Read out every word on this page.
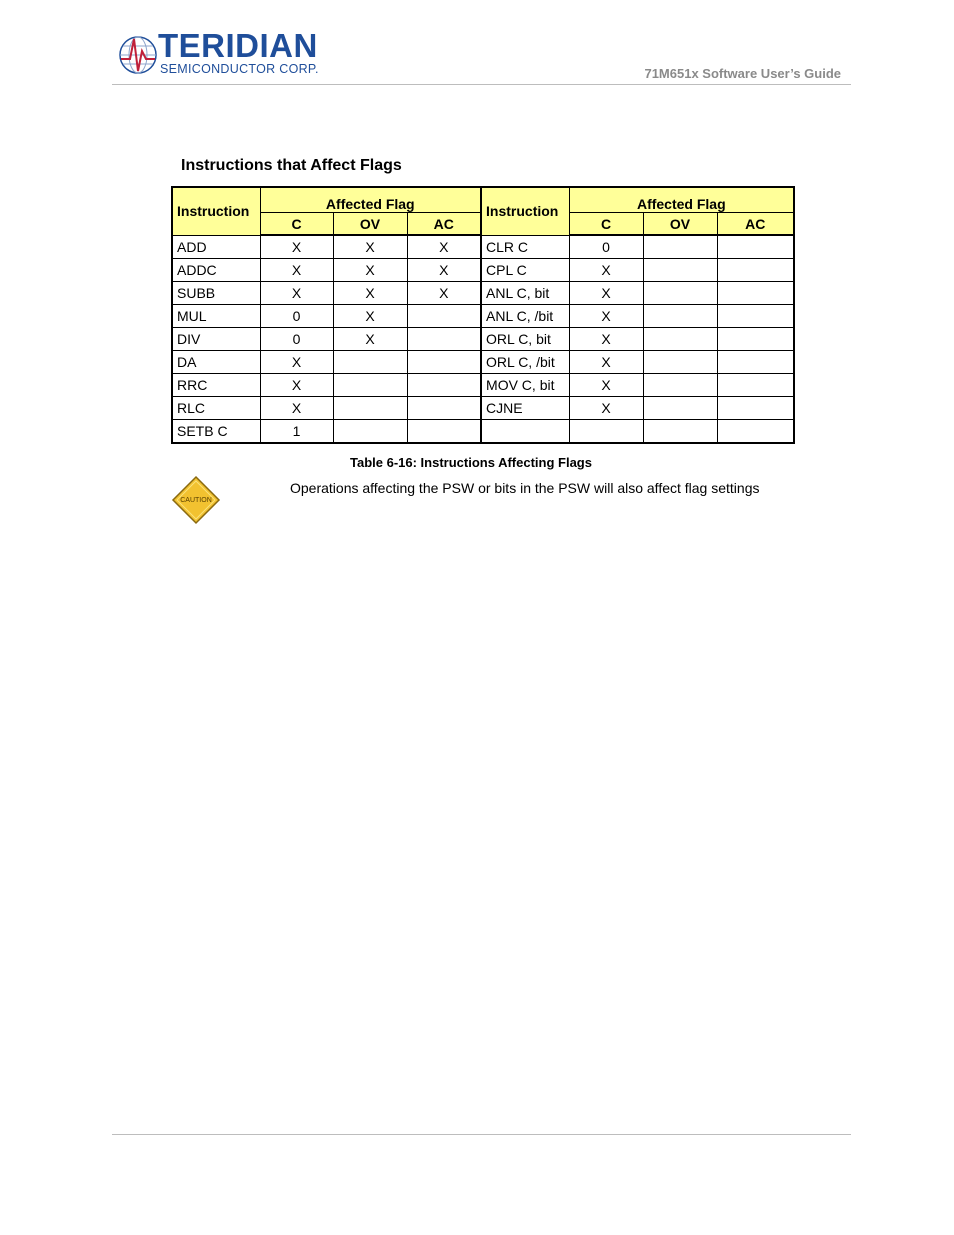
TERIDIAN
SEMICONDUCTOR CORP.	71M651x Software User’s Guide
Instructions that Affect Flags
Instruction	Affected Flag			Instruction	Affected Flag		
	C	OV	AC		C	OV	AC
ADD	X	X	X	CLR C	0		
ADDC	X	X	X	CPL C	X		
SUBB	X	X	X	ANL C, bit	X		
MUL	0	X		ANL C, /bit	X		
DIV	0	X		ORL C, bit	X		
DA	X			ORL C, /bit	X		
RRC	X			MOV C, bit	X		
RLC	X			CJNE	X		
SETB C	1						
Table 6-16: Instructions Affecting Flags
CAUTION
Operations affecting the PSW or bits in the PSW will also affect flag settings
